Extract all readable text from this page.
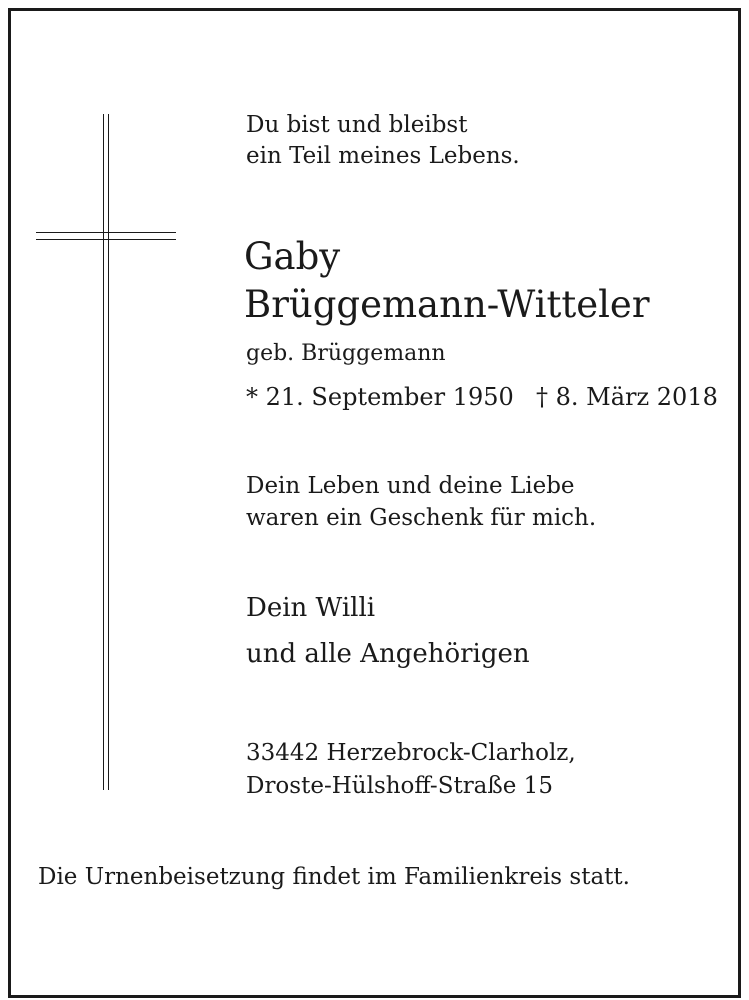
Du bist und bleibst
ein Teil meines Lebens.
Gaby
Brüggemann-Witteler
geb. Brüggemann
* 21. September 1950 † 8. März 2018
Dein Leben und deine Liebe
waren ein Geschenk für mich.
Dein Willi
und alle Angehörigen
33442 Herzebrock-Clarholz,
Droste-Hülshoff-Straße 15
Die Urnenbeisetzung findet im Familienkreis statt.
